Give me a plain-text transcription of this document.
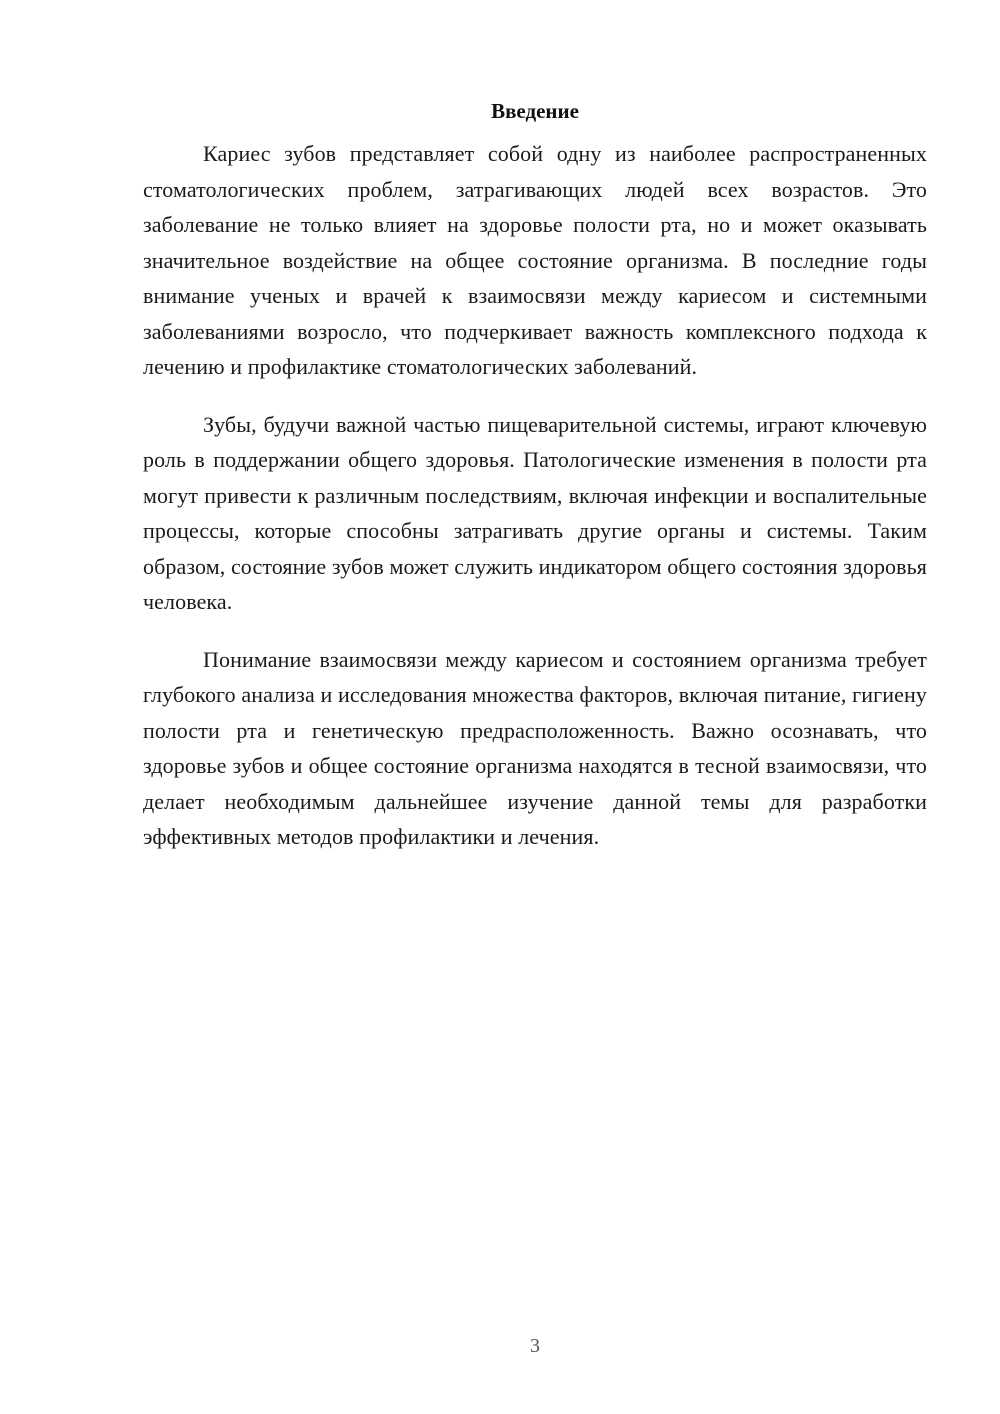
Введение

Кариес зубов представляет собой одну из наиболее распространенных стоматологических проблем, затрагивающих людей всех возрастов. Это заболевание не только влияет на здоровье полости рта, но и может оказывать значительное воздействие на общее состояние организма. В последние годы внимание ученых и врачей к взаимосвязи между кариесом и системными заболеваниями возросло, что подчеркивает важность комплексного подхода к лечению и профилактике стоматологических заболеваний.

Зубы, будучи важной частью пищеварительной системы, играют ключевую роль в поддержании общего здоровья. Патологические изменения в полости рта могут привести к различным последствиям, включая инфекции и воспалительные процессы, которые способны затрагивать другие органы и системы. Таким образом, состояние зубов может служить индикатором общего состояния здоровья человека.

Понимание взаимосвязи между кариесом и состоянием организма требует глубокого анализа и исследования множества факторов, включая питание, гигиену полости рта и генетическую предрасположенность. Важно осознавать, что здоровье зубов и общее состояние организма находятся в тесной взаимосвязи, что делает необходимым дальнейшее изучение данной темы для разработки эффективных методов профилактики и лечения.

3
